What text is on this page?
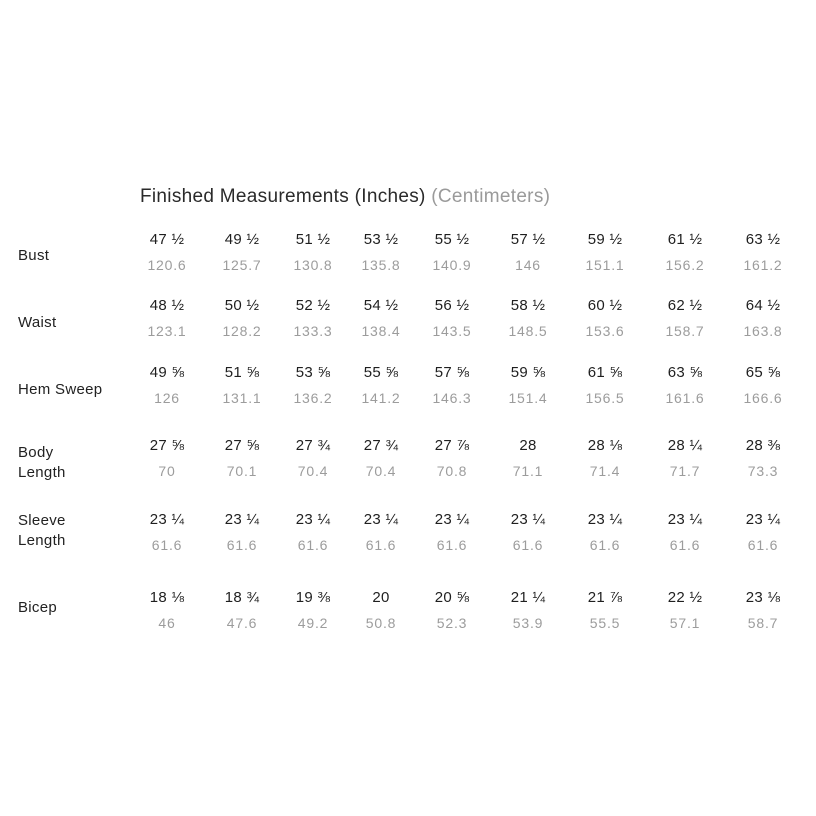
Finished Measurements (Inches) (Centimeters)
Bust
47 ½
120.6
49 ½
125.7
51 ½
130.8
53 ½
135.8
55 ½
140.9
57 ½
146
59 ½
151.1
61 ½
156.2
63 ½
161.2
Waist
48 ½
123.1
50 ½
128.2
52 ½
133.3
54 ½
138.4
56 ½
143.5
58 ½
148.5
60 ½
153.6
62 ½
158.7
64 ½
163.8
Hem Sweep
49 ⅝
126
51 ⅝
131.1
53 ⅝
136.2
55 ⅝
141.2
57 ⅝
146.3
59 ⅝
151.4
61 ⅝
156.5
63 ⅝
161.6
65 ⅝
166.6
Body Length
27 ⅝
70
27 ⅝
70.1
27 ¾
70.4
27 ¾
70.4
27 ⅞
70.8
28
71.1
28 ⅛
71.4
28 ¼
71.7
28 ⅜
73.3
Sleeve Length
23 ¼
61.6
23 ¼
61.6
23 ¼
61.6
23 ¼
61.6
23 ¼
61.6
23 ¼
61.6
23 ¼
61.6
23 ¼
61.6
23 ¼
61.6
Bicep
18 ⅛
46
18 ¾
47.6
19 ⅜
49.2
20
50.8
20 ⅝
52.3
21 ¼
53.9
21 ⅞
55.5
22 ½
57.1
23 ⅛
58.7
